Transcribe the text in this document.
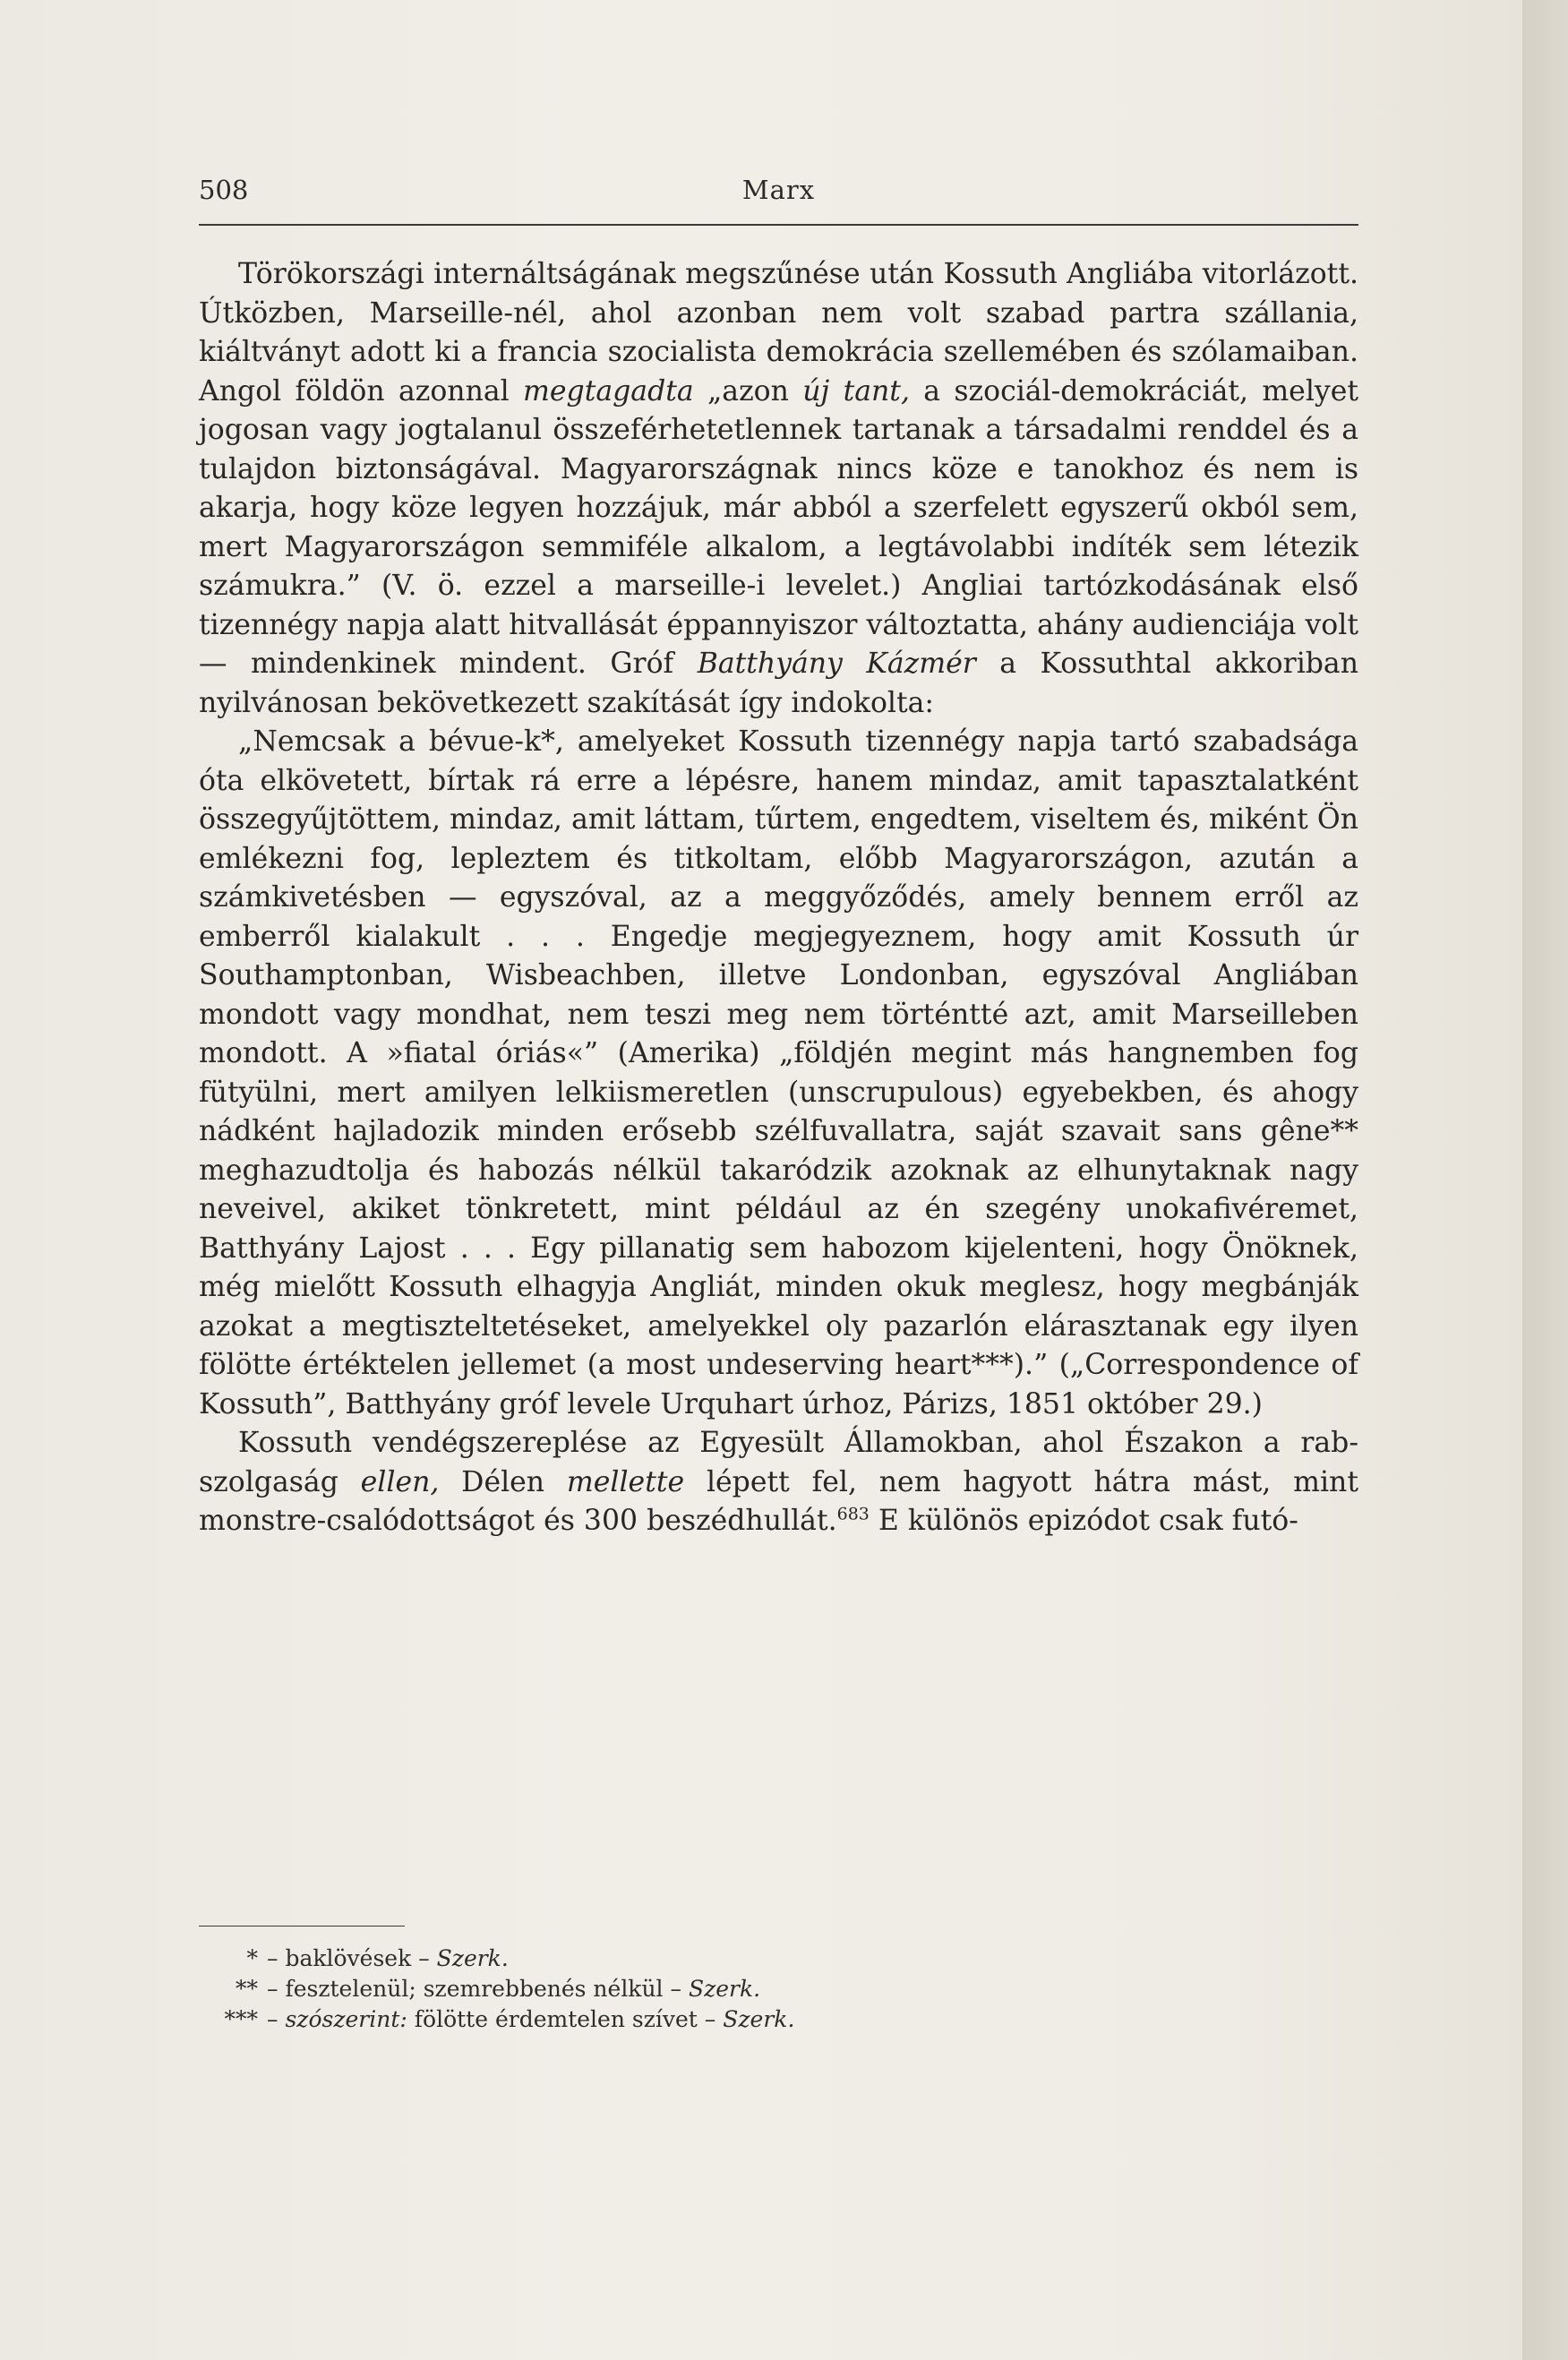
508	Marx

Törökországi internáltságának megszűnése után Kossuth Angliába vitorlázott. Útközben, Marseille-nél, ahol azonban nem volt szabad partra szállania, kiáltványt adott ki a francia szocialista demokrácia szellemében és szólamaiban. Angol földön azonnal megtagadta „azon új tant, a szociál-demokráciát, melyet jogosan vagy jogtalanul összeférhetetlennek tartanak a társadalmi renddel és a tulajdon biztonságával. Magyarországnak nincs köze e tanokhoz és nem is akarja, hogy köze legyen hozzájuk, már abból a szerfelett egyszerű okból sem, mert Magyarországon semmiféle alkalom, a legtávolabbi indíték sem létezik számukra.” (V. ö. ezzel a marseille-i levelet.) Angliai tartózkodásának első tizennégy napja alatt hitvallását éppannyiszor változtatta, ahány audienciája volt — mindenkinek mindent. Gróf Batthyány Kázmér a Kossuthtal akkoriban nyilvánosan bekövetkezett szakítását így indokolta:

„Nemcsak a bévue-k*, amelyeket Kossuth tizennégy napja tartó szabadsága óta elkövetett, bírtak rá erre a lépésre, hanem mindaz, amit tapasztalatként összegyűjtöttem, mindaz, amit láttam, tűrtem, engedtem, viseltem és, miként Ön emlékezni fog, lepleztem és titkoltam, előbb Magyarországon, azután a számkivetésben — egyszóval, az a meggyőződés, amely bennem erről az emberről kialakult . . . Engedje megjegyeznem, hogy amit Kossuth úr Southamptonban, Wisbeachben, illetve Londonban, egyszóval Angliában mondott vagy mondhat, nem teszi meg nem történtté azt, amit Marseilleben mondott. A »fiatal óriás«” (Amerika) „földjén megint más hangnemben fog fütyülni, mert amilyen lelkiismeretlen (unscrupulous) egyebekben, és ahogy nádként hajladozik minden erősebb szélfuvallatra, saját szavait sans gêne** meghazudtolja és habozás nélkül takaródzik azoknak az elhunytaknak nagy neveivel, akiket tönkretett, mint például az én szegény unokafivéremet, Batthyány Lajost . . . Egy pillanatig sem habozom kijelenteni, hogy Önöknek, még mielőtt Kossuth elhagyja Angliát, minden okuk meglesz, hogy megbánják azokat a megtiszteltetéseket, amelyekkel oly pazarlón elárasztanak egy ilyen fölötte értéktelen jellemet (a most undeserving heart***).” („Correspondence of Kossuth”, Batthyány gróf levele Urquhart úrhoz, Párizs, 1851 október 29.)

Kossuth vendégszereplése az Egyesült Államokban, ahol Északon a rabszolgaság ellen, Délen mellette lépett fel, nem hagyott hátra mást, mint monstre-csalódottságot és 300 beszédhullát.$^{683}$ E különös epizódot csak futó-

* – baklövések – Szerk.
** – fesztelenül; szemrebbenés nélkül – Szerk.
*** – szószerint: fölötte érdemtelen szívet – Szerk.
